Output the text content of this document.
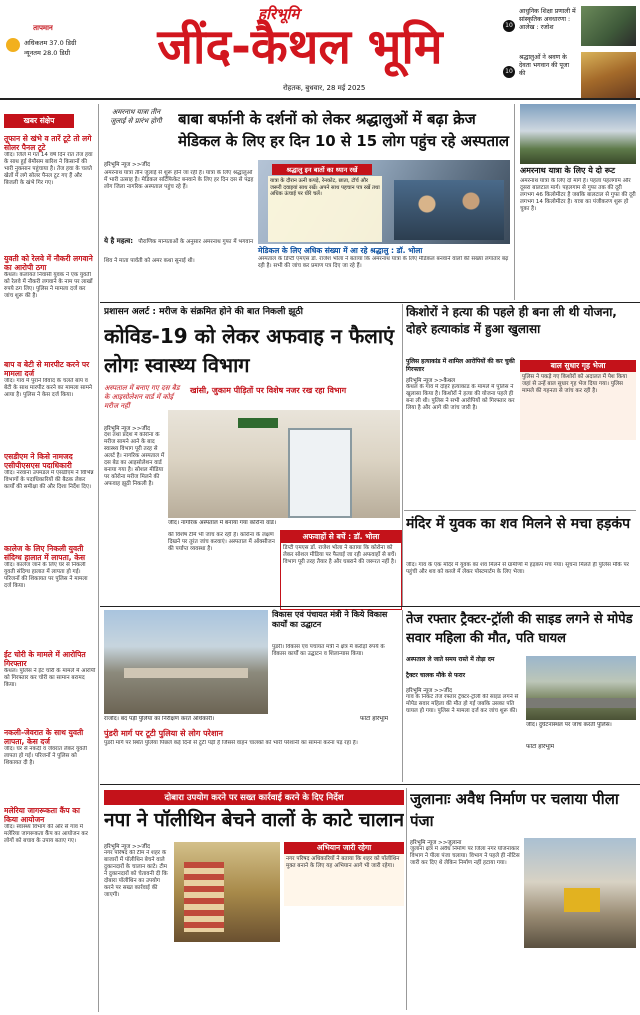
तापमान
अधिकतम 37.0 डिग्री
न्यूनतम 28.0 डिग्री
हरिभूमि
जींद-कैथल भूमि
रोहतक, बुधवार, 28 मई 2025
10
आधुनिक शिक्षा प्रणाली में सांस्कृतिक अवधारणा : आलेख : रजोश
10
श्रद्धालुओं ने श्रवण के देवता भगवान की पूजा की
खबर संक्षेप
तूफान से खंभे व तारें टूटे तो लगे सोलर पैनल टूटे
जींद। जिले में गत 14 वर्ष दिन रात तेज हवा के साथ हुई बेमौसम बारिश ने किसानों की भारी नुकसान पहुंचाया है। तेज हवा के चलते खेतों में लगे सोलर पैनल टूट गए हैं और बिजली के खंभे गिर गए।
युवती को रेलवे में नौकरी लगवाने का आरोपी ठगा
कैथल। कलायत निवासी युवक ने एक युवती को रेलवे में नौकरी लगवाने के नाम पर लाखों रुपये ठग लिए। पुलिस ने मामला दर्ज कर जांच शुरू की है।
बाप व बेटी से मारपीट करने पर मामला दर्ज
जींद। गांव में पुराने विवाद के चलते बाप व बेटी के साथ मारपीट करने का मामला सामने आया है। पुलिस ने केस दर्ज किया।
एसडीएम ने किसे नामजद एसीपीएसएस पदाधिकारी
जींद। नरवाना उपमंडल में एसडीएम ने विभिन्न विभागों के पदाधिकारियों की बैठक लेकर कार्यों की समीक्षा की और दिशा निर्देश दिए।
कालेज के लिए निकली युवती संदिग्ध हालात में लापता, केस
जींद। कालेज जाने के लिए घर से निकली युवती संदिग्ध हालात में लापता हो गई। परिजनों की शिकायत पर पुलिस ने मामला दर्ज किया।
ईट चोरी के मामले में आरोपित गिरफ्तार
कैथल। पुलिस ने ईट चोरी के मामले में आरोपी को गिरफ्तार कर चोरी का सामान बरामद किया।
नकली-जेवरात के साथ युवती लापता, केस दर्ज
जींद। घर से नकदी व जेवरात लेकर युवती लापता हो गई। परिजनों ने पुलिस को शिकायत दी है।
मलेरिया जागरूकता कैंप का किया आयोजन
जींद। स्वास्थ्य विभाग की ओर से गांव में मलेरिया जागरूकता कैंप का आयोजन कर लोगों को बचाव के उपाय बताए गए।
अमरनाथ यात्रा तीन जुलाई से प्रारंभ होगी	बाबा बर्फानी के दर्शनों को लेकर श्रद्धालुओं में बढ़ा क्रेज मेडिकल के लिए हर दिन 10 से 15 लोग पहुंच रहे अस्पताल
हरिभूमि न्यूज >>जींद
अमरनाथ यात्रा तीन जुलाई से शुरू होने जा रही है। यात्रा के लिए श्रद्धालुओं में भारी उत्साह है। मेडिकल सर्टिफिकेट बनवाने के लिए हर दिन दस से पंद्रह लोग जिला नागरिक अस्पताल पहुंच रहे हैं।
ये है महत्व: पौराणिक मान्यताओं के अनुसार अमरनाथ गुफा में भगवान शिव ने माता पार्वती को अमर कथा सुनाई थी।
श्रद्धालु इन बातों का ध्यान रखें
यात्रा के दौरान ऊनी कपड़े, रेनकोट, छाता, टॉर्च और जरूरी दवाइयां साथ रखें। अपने साथ पहचान पत्र रखें तथा अधिक ऊंचाई पर धीरे चलें।
मेडिकल के लिए अधिक संख्या में आ रहे श्रद्धालु : डॉ. भोला
अस्पताल के डिप्टी एमएस डॉ. राजेश भोला ने बताया कि अमरनाथ यात्रा के लिए मेडिकल बनवाने वालों की संख्या लगातार बढ़ रही है। सभी की जांच कर प्रमाण पत्र दिए जा रहे हैं।
अमरनाथ यात्रा के लिए ये दो रूट
अमरनाथ यात्रा के लिए दो मार्ग हैं। पहला पहलगाम और दूसरा बालटाल मार्ग। पहलगाम से गुफा तक की दूरी लगभग 46 किलोमीटर है जबकि बालटाल से गुफा की दूरी लगभग 14 किलोमीटर है। यात्रा का पंजीकरण शुरू हो चुका है।
प्रशासन अलर्ट : मरीज के संक्रमित होने की बात निकली झूठी
कोविड-19 को लेकर अफवाह न फैलाएं लोगः स्वास्थ्य विभाग
अस्पताल में बनाए गए दस बैड के आइसोलेशन वार्ड में कोई मरीज नहीं
खांसी, जुकाम पीड़ितों पर विशेष नजर रख रहा विभाग
हरिभूमि न्यूज >>जींद
देश तथा प्रदेश में कोरोना के मरीज सामने आने के बाद स्वास्थ्य विभाग पूरी तरह से अलर्ट है। नागरिक अस्पताल में दस बेड का आइसोलेशन वार्ड बनाया गया है। सोशल मीडिया पर कोरोना मरीज मिलने की अफवाह झूठी निकली है।
जींद। नागरिक अस्पताल में बनाया गया कोरोना वार्ड।
की विशेष टीमें भी जांच कर रही हैं। कोरोना के लक्षण दिखने पर तुरंत जांच करवाएं। अस्पताल में ऑक्सीजन की पर्याप्त व्यवस्था है।
अफवाहों से बचें : डॉ. भोला
डिप्टी एमएस डॉ. राजेश भोला ने बताया कि कोरोना को लेकर सोशल मीडिया पर फैलाई जा रही अफवाहों से बचें। विभाग पूरी तरह तैयार है और घबराने की जरूरत नहीं है।
किशोरों ने हत्या की पहले ही बना ली थी योजना, दोहरे हत्याकांड में हुआ खुलासा
पुलिस हत्याकांड में शामिल आरोपियों की कर चुकी गिरफ्तार
हरिभूमि न्यूज >>कैथल
कैथल के गांव में दोहरे हत्याकांड के मामले में पुलिस ने खुलासा किया है। किशोरों ने हत्या की योजना पहले ही बना ली थी। पुलिस ने सभी आरोपियों को गिरफ्तार कर लिया है और आगे की जांच जारी है।
बाल सुधार गृह भेजा
पुलिस ने पकड़े गए किशोरों को अदालत में पेश किया जहां से उन्हें बाल सुधार गृह भेज दिया गया। पुलिस मामले की गहनता से जांच कर रही है।
मंदिर में युवक का शव मिलने से मचा हड़कंप
जींद। गांव के एक मंदिर में युवक का शव मिलने से ग्रामीणों में हड़कंप मच गया। सूचना मिलते ही पुलिस मौके पर पहुंची और शव को कब्जे में लेकर पोस्टमार्टम के लिए भेजा।
विकास एवं पंचायत मंत्री ने किये विकास कार्यों का उद्घाटन
पुंडरी। विकास एवं पंचायत मंत्री ने क्षेत्र में करोड़ों रुपये के विकास कार्यों का उद्घाटन व शिलान्यास किया।
राजौंद। बंद पड़ी पुलिया का निरीक्षण करते अधिकारी।	फोटो हरिभूमि
पुंडरी मार्ग पर टूटी पुलिया से लोग परेशान
पुंडरी मार्ग पर स्थित पुलिया पिछले कई दिनों से टूटी पड़ी है जिससे वाहन चालकों को भारी परेशानी का सामना करना पड़ रहा है।
तेज रफ्तार ट्रैक्टर-ट्रॉली की साइड लगने से मोपेड सवार महिला की मौत, पति घायल
अस्पताल ले जाते समय रास्ते में तोड़ा दम
ट्रैक्टर चालक मौके से फरार
हरिभूमि न्यूज >>जींद
गांव के निकट तेज रफ्तार ट्रैक्टर-ट्रॉली की साइड लगने से मोपेड सवार महिला की मौत हो गई जबकि उसका पति घायल हो गया। पुलिस ने मामला दर्ज कर जांच शुरू की।
जींद। दुर्घटनास्थल पर जांच करती पुलिस।
फोटो हरिभूमि
दोबारा उपयोग करने पर सख्त कार्रवाई करने के दिए निर्देश
नपा ने पॉलीथिन बेचने वालों के काटे चालान
हरिभूमि न्यूज >>जींद
नगर परिषद की टीम ने शहर के बाजारों में पॉलीथिन बेचने वाले दुकानदारों के चालान काटे। टीम ने दुकानदारों को चेतावनी दी कि दोबारा पॉलीथिन का उपयोग करने पर सख्त कार्रवाई की जाएगी।
अभियान जारी रहेगा
नगर परिषद अधिकारियों ने बताया कि शहर को पॉलीथिन मुक्त बनाने के लिए यह अभियान आगे भी जारी रहेगा।
जुलानाः अवैध निर्माण पर चलाया पीला पंजा
हरिभूमि न्यूज >>जुलाना
जुलाना क्षेत्र में अवैध निर्माण पर जिला नगर योजनाकार विभाग ने पीला पंजा चलाया। विभाग ने पहले ही नोटिस जारी कर दिए थे लेकिन निर्माण नहीं हटाया गया।
